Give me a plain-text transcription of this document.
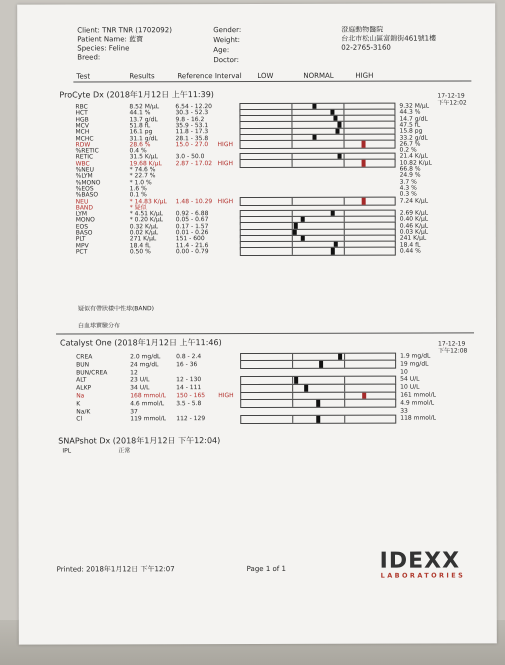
Client: TNR TNR (1702092)
Patient Name: 藍寶
Species: Feline
Breed:
Gender:
Weight:
Age:
Doctor:
澄庭動物醫院
台北市松山區富錦街461號1樓
02-2765-3160
Test	Results	Reference Interval LOW	NORMAL	HIGH
SNAPshot Dx (2018年1月12日 下午12:04)
IPL	正常
Printed: 2018年1月12日 下午12:07	Page 1 of 1	IDEXX
LABORATORIES
ProCyte Dx (2018年1月12日 上午11:39)	17-12-19
下午12:02
RBC	8.52 M/μL	6.54 - 12.20	9.32 M/μL
HCT	44.1 %	30.3 - 52.3	44.3 %
HGB	13.7 g/dL	9.8 - 16.2	14.7 g/dL
MCV	51.8 fL	35.9 - 53.1	47.5 fL
MCH	16.1 pg	11.8 - 17.3	15.8 pg
MCHC	31.1 g/dL	28.1 - 35.8	33.2 g/dL
RDW	28.6 %	15.0 - 27.0 HIGH	26.7 %
%RETIC	0.4 %	0.2 %
RETIC	31.5 K/μL	3.0 - 50.0	21.4 K/μL
WBC	19.68 K/μL 2.87 - 17.02 HIGH	10.82 K/μL
%NEU	* 74.6 %	66.8 %
%LYM	* 22.7 %	24.9 %
%MONO	* 1.0 %	3.7 %
%EOS	1.6 %	4.3 %
%BASO	0.1 %	0.3 %
NEU	* 14.83 K/μL 1.48 - 10.29 HIGH	7.24 K/μL
BAND	* 疑似
LYM	* 4.51 K/μL 0.92 - 6.88	2.69 K/μL
MONO	* 0.20 K/μL 0.05 - 0.67	0.40 K/μL
EOS	0.32 K/μL	0.17 - 1.57	0.46 K/μL
BASO	0.02 K/μL	0.01 - 0.26	0.03 K/μL
PLT	271 K/μL	151 - 600	241 K/μL
MPV	18.4 fL	11.4 - 21.6	18.4 fL
PCT	0.50 %	0.00 - 0.79	0.44 %
疑似有帶狀樣中性球(BAND)
白血球實驗分布
Catalyst One (2018年1月12日 上午11:46)	17-12-19
下午12:08
CREA	2.0 mg/dL	0.8 - 2.4	1.9 mg/dL
BUN	24 mg/dL	16 - 36	19 mg/dL
BUN/CREA	12	10
ALT	23 U/L	12 - 130	54 U/L
ALKP	34 U/L	14 - 111	10 U/L
Na	168 mmol/L 150 - 165 HIGH	161 mmol/L
K	4.6 mmol/L 3.5 - 5.8	4.9 mmol/L
Na/K	37	33
Cl	119 mmol/L 112 - 129	118 mmol/L
